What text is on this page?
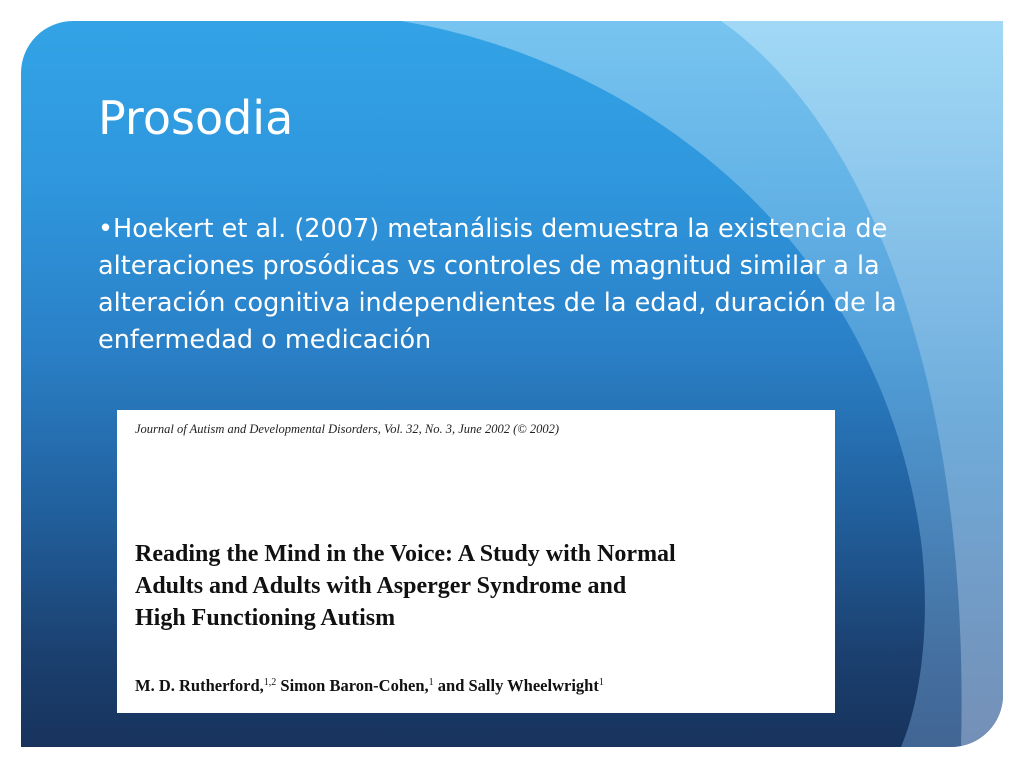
Prosodia
•Hoekert et al. (2007) metanálisis demuestra la existencia de alteraciones prosódicas vs controles de magnitud similar a la alteración cognitiva independientes de la edad, duración de la enfermedad o medicación
Journal of Autism and Developmental Disorders, Vol. 32, No. 3, June 2002 (© 2002)
Reading the Mind in the Voice: A Study with Normal
Adults and Adults with Asperger Syndrome and
High Functioning Autism
M. D. Rutherford,$^{1,2}$ Simon Baron-Cohen,$^1$ and Sally Wheelwright$^1$
